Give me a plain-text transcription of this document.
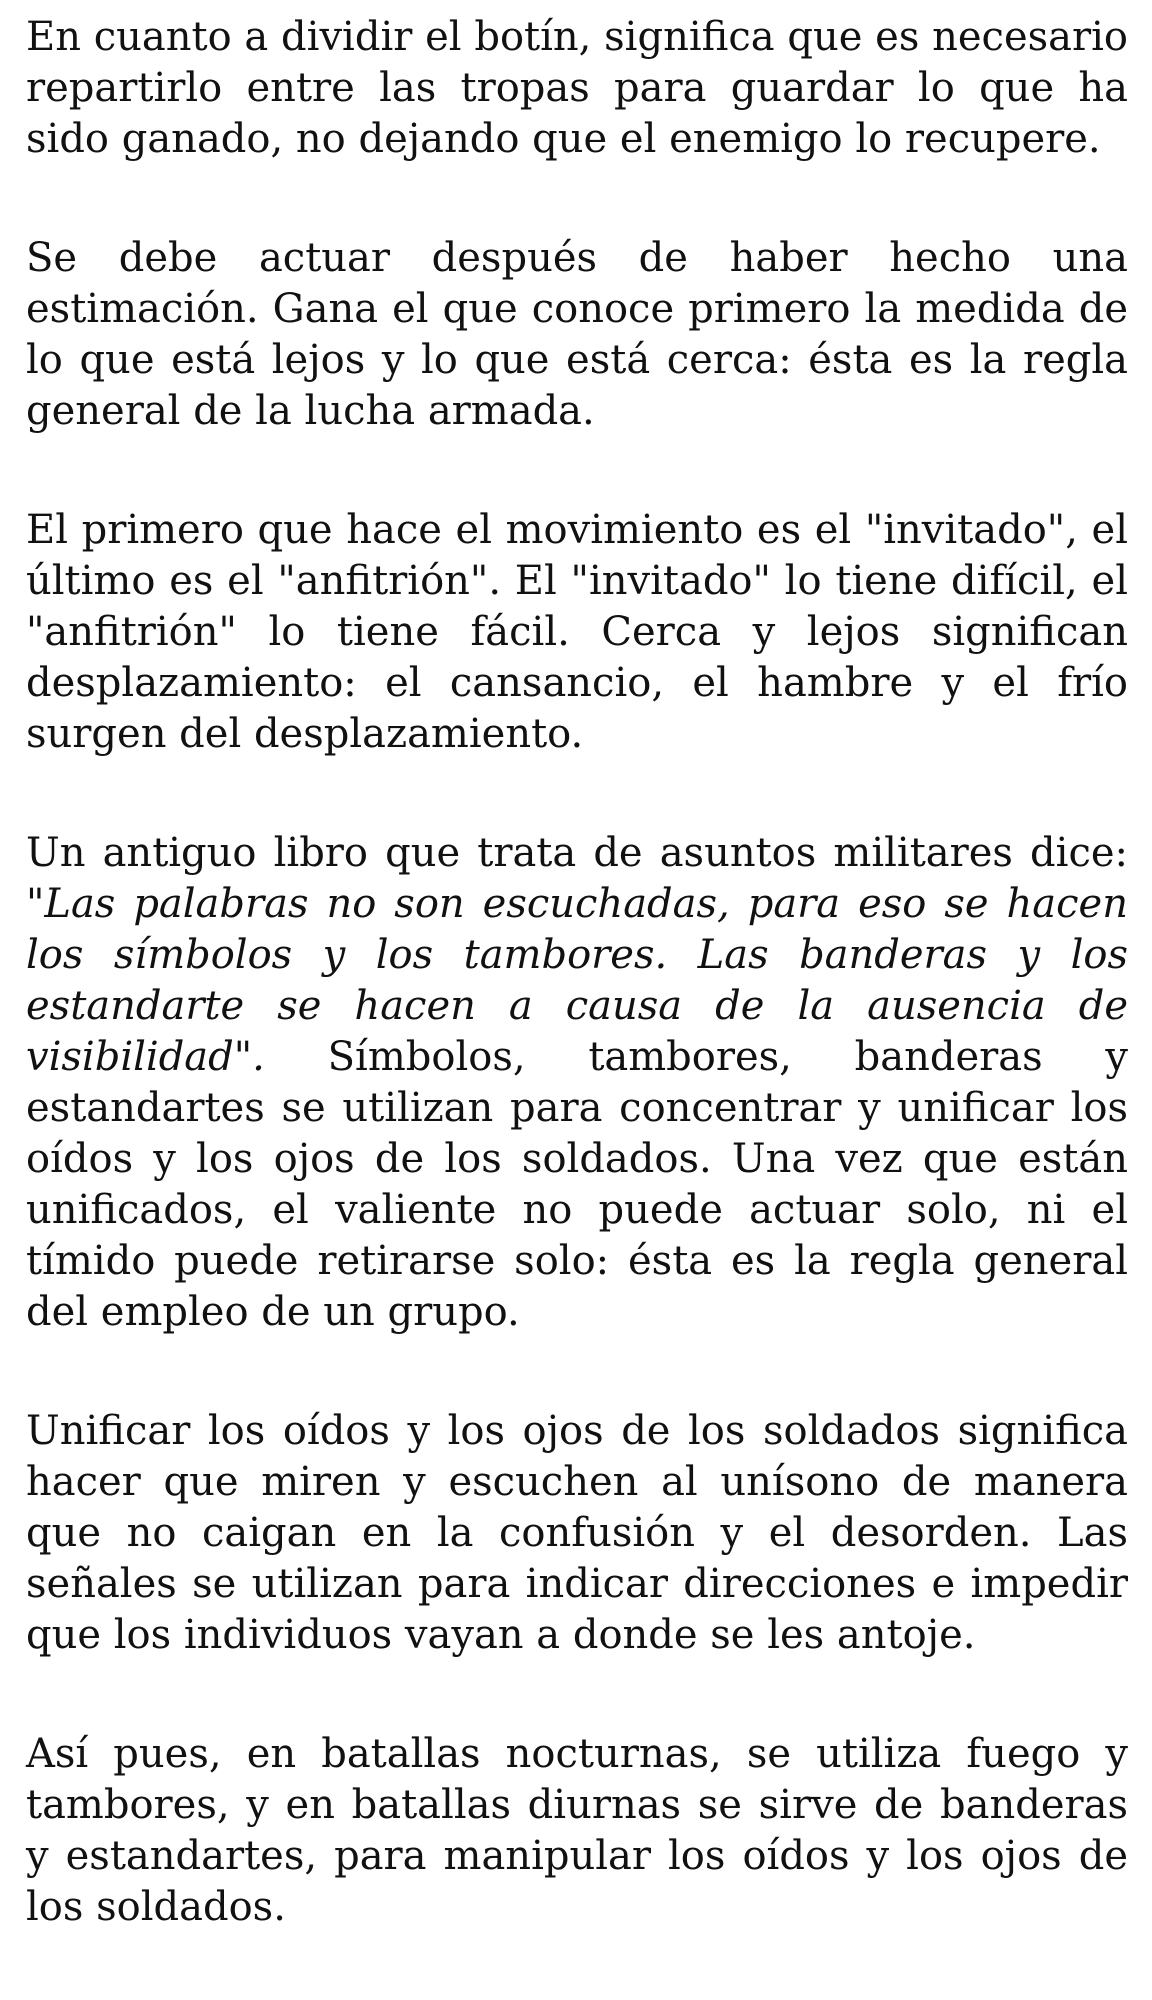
En cuanto a dividir el botín, significa que es necesario repartirlo entre las tropas para guardar lo que ha sido ganado, no dejando que el enemigo lo recupere.

Se debe actuar después de haber hecho una estimación. Gana el que conoce primero la medida de lo que está lejos y lo que está cerca: ésta es la regla general de la lucha armada.

El primero que hace el movimiento es el "invitado", el último es el "anfitrión". El "invitado" lo tiene difícil, el "anfitrión" lo tiene fácil. Cerca y lejos significan desplazamiento: el cansancio, el hambre y el frío surgen del desplazamiento.

Un antiguo libro que trata de asuntos militares dice: "Las palabras no son escuchadas, para eso se hacen los símbolos y los tambores. Las banderas y los estandarte se hacen a causa de la ausencia de visibilidad". Símbolos, tambores, banderas y estandartes se utilizan para concentrar y unificar los oídos y los ojos de los soldados. Una vez que están unificados, el valiente no puede actuar solo, ni el tímido puede retirarse solo: ésta es la regla general del empleo de un grupo.

Unificar los oídos y los ojos de los soldados significa hacer que miren y escuchen al unísono de manera que no caigan en la confusión y el desorden. Las señales se utilizan para indicar direcciones e impedir que los individuos vayan a donde se les antoje.

Así pues, en batallas nocturnas, se utiliza fuego y tambores, y en batallas diurnas se sirve de banderas y estandartes, para manipular los oídos y los ojos de los soldados.
